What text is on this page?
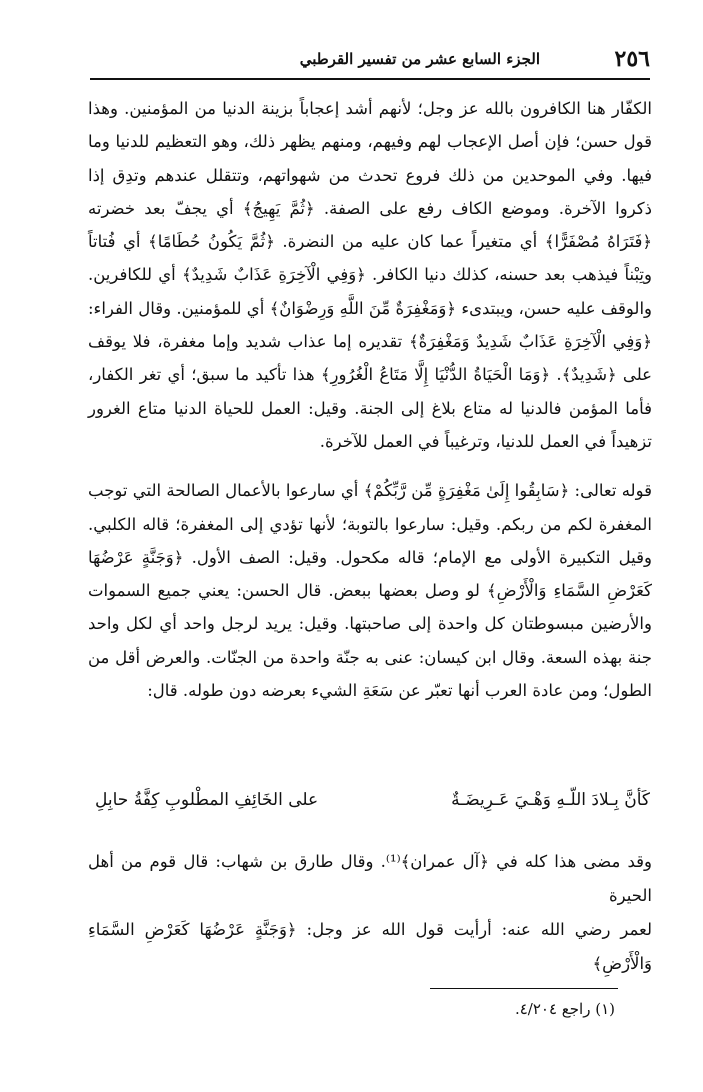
٢٥٦
الجزء السابع عشر من تفسير القرطبي

الكفّار هنا الكافرون بالله عز وجل؛ لأنهم أشد إعجاباً بزينة الدنيا من المؤمنين. وهذا قول حسن؛ فإن أصل الإعجاب لهم وفيهم، ومنهم يظهر ذلك، وهو التعظيم للدنيا وما فيها. وفي الموحدين من ذلك فروع تحدث من شهواتهم، وتتقلل عندهم وتدِق إذا ذكروا الآخرة. وموضع الكاف رفع على الصفة. ﴿ثُمَّ يَهِيجُ﴾ أي يجفّ بعد خضرته ﴿فَتَرَاهُ مُصْفَرًّا﴾ أي متغيراً عما كان عليه من النضرة. ﴿ثُمَّ يَكُونُ حُطَامًا﴾ أي فُتاتاً وتِبْناً فيذهب بعد حسنه، كذلك دنيا الكافر. ﴿وَفِي الْآخِرَةِ عَذَابٌ شَدِيدٌ﴾ أي للكافرين. والوقف عليه حسن، ويبتدىء ﴿وَمَغْفِرَةٌ مِّنَ اللَّهِ وَرِضْوَانٌ﴾ أي للمؤمنين. وقال الفراء: ﴿وَفِي الْآخِرَةِ عَذَابٌ شَدِيدٌ وَمَغْفِرَةٌ﴾ تقديره إما عذاب شديد وإما مغفرة، فلا يوقف على ﴿شَدِيدٌ﴾. ﴿وَمَا الْحَيَاةُ الدُّنْيَا إِلَّا مَتَاعُ الْغُرُورِ﴾ هذا تأكيد ما سبق؛ أي تغر الكفار، فأما المؤمن فالدنيا له متاع بلاغ إلى الجنة. وقيل: العمل للحياة الدنيا متاع الغرور تزهيداً في العمل للدنيا، وترغيباً في العمل للآخرة.

قوله تعالى: ﴿سَابِقُوا إِلَىٰ مَغْفِرَةٍ مِّن رَّبِّكُمْ﴾ أي سارعوا بالأعمال الصالحة التي توجب المغفرة لكم من ربكم. وقيل: سارعوا بالتوبة؛ لأنها تؤدي إلى المغفرة؛ قاله الكلبي. وقيل التكبيرة الأولى مع الإمام؛ قاله مكحول. وقيل: الصف الأول. ﴿وَجَنَّةٍ عَرْضُهَا كَعَرْضِ السَّمَاءِ وَالْأَرْضِ﴾ لو وصل بعضها ببعض. قال الحسن: يعني جميع السموات والأرضين مبسوطتان كل واحدة إلى صاحبتها. وقيل: يريد لرجل واحد أي لكل واحد جنة بهذه السعة. وقال ابن كيسان: عنى به جنّة واحدة من الجنّات. والعرض أقل من الطول؛ ومن عادة العرب أنها تعبّر عن سَعَةِ الشيء بعرضه دون طوله. قال:

كَأنَّ بِـلادَ اللّـهِ وَهْـيَ عَـرِيضَـةٌ
على الخَائِفِ المطْلوبِ كِفَّةُ حابِلِ

وقد مضى هذا كله في ﴿آل عمران﴾⁽¹⁾. وقال طارق بن شهاب: قال قوم من أهل الحيرة

لعمر رضي الله عنه: أرأيت قول الله عز وجل: ﴿وَجَنَّةٍ عَرْضُهَا كَعَرْضِ السَّمَاءِ وَالْأَرْضِ﴾

(١) راجع ٤/٢٠٤.
